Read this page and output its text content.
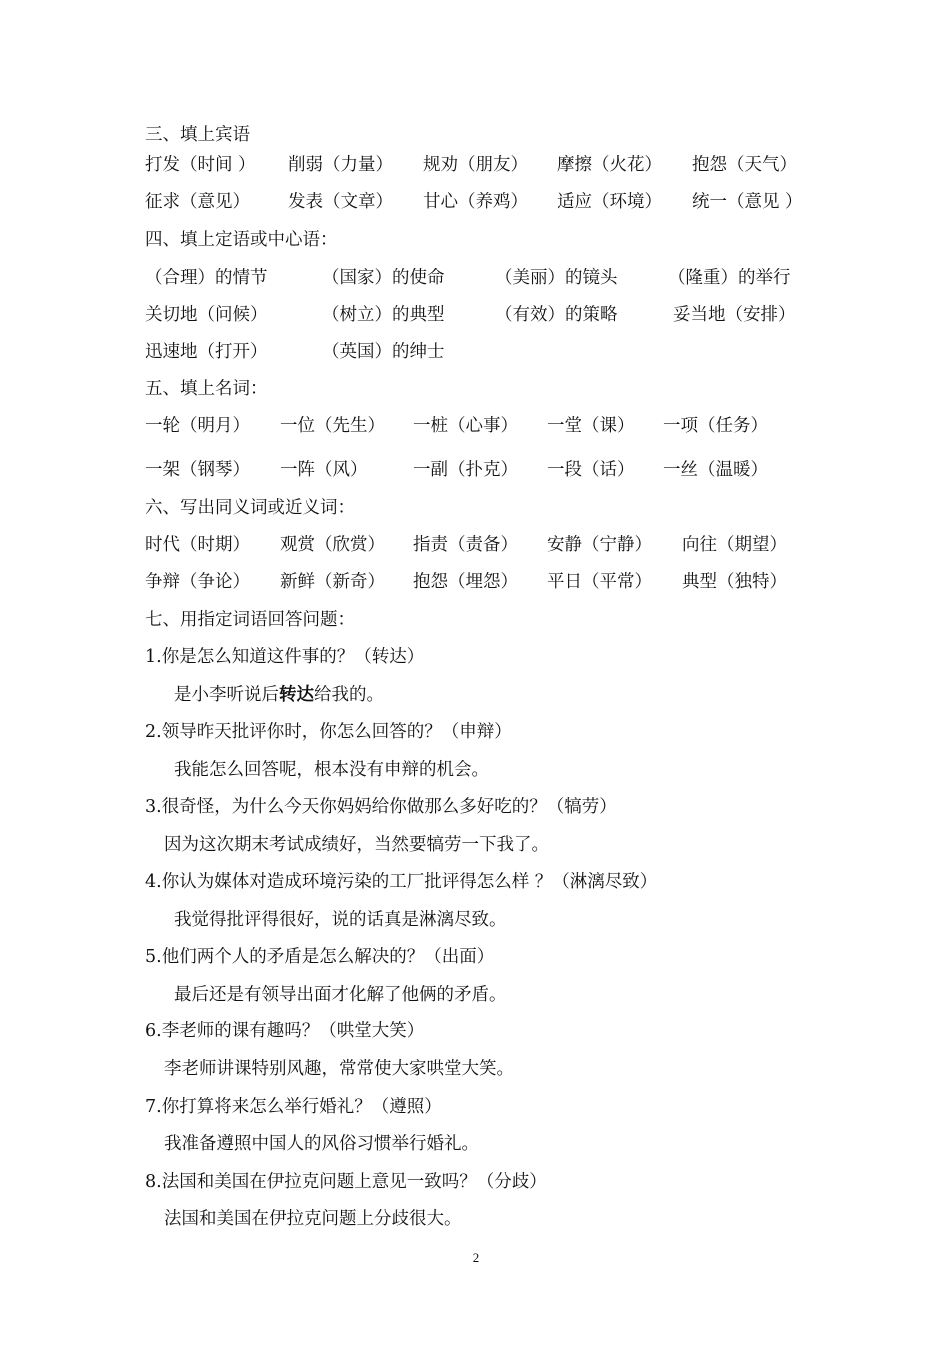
三、填上宾语
打发（时间 ） 削弱（力量） 规劝（朋友） 摩擦（火花） 抱怨（天气）
征求（意见） 发表（文章） 甘心（养鸡） 适应（环境） 统一（意见 ）
四、填上定语或中心语：
（合理）的情节	（国家）的使命	（美丽）的镜头	（隆重）的举行
关切地（问候）	（树立）的典型	（有效）的策略	妥当地（安排）
迅速地（打开）	（英国）的绅士
五、填上名词：
一轮（明月） 一位（先生） 一桩（心事） 一堂（课） 一项（任务）
一架（钢琴） 一阵（风）	一副（扑克） 一段（话） 一丝（温暖）
六、写出同义词或近义词：
时代（时期） 观赏（欣赏） 指责（责备） 安静（宁静） 向往（期望）
争辩（争论） 新鲜（新奇） 抱怨（埋怨） 平日（平常） 典型（独特）
七、用指定词语回答问题：
1.你是怎么知道这件事的？（转达）
是小李听说后转达给我的。
2.领导昨天批评你时，你怎么回答的？（申辩）
我能怎么回答呢，根本没有申辩的机会。
3.很奇怪，为什么今天你妈妈给你做那么多好吃的？（犒劳）
因为这次期末考试成绩好，当然要犒劳一下我了。
4.你认为媒体对造成环境污染的工厂批评得怎么样 ？（淋漓尽致）
我觉得批评得很好，说的话真是淋漓尽致。
5.他们两个人的矛盾是怎么解决的？（出面）
最后还是有领导出面才化解了他俩的矛盾。
6.李老师的课有趣吗？（哄堂大笑）
李老师讲课特别风趣，常常使大家哄堂大笑。
7.你打算将来怎么举行婚礼？（遵照）
我准备遵照中国人的风俗习惯举行婚礼。
8.法国和美国在伊拉克问题上意见一致吗？（分歧）
法国和美国在伊拉克问题上分歧很大。
2
